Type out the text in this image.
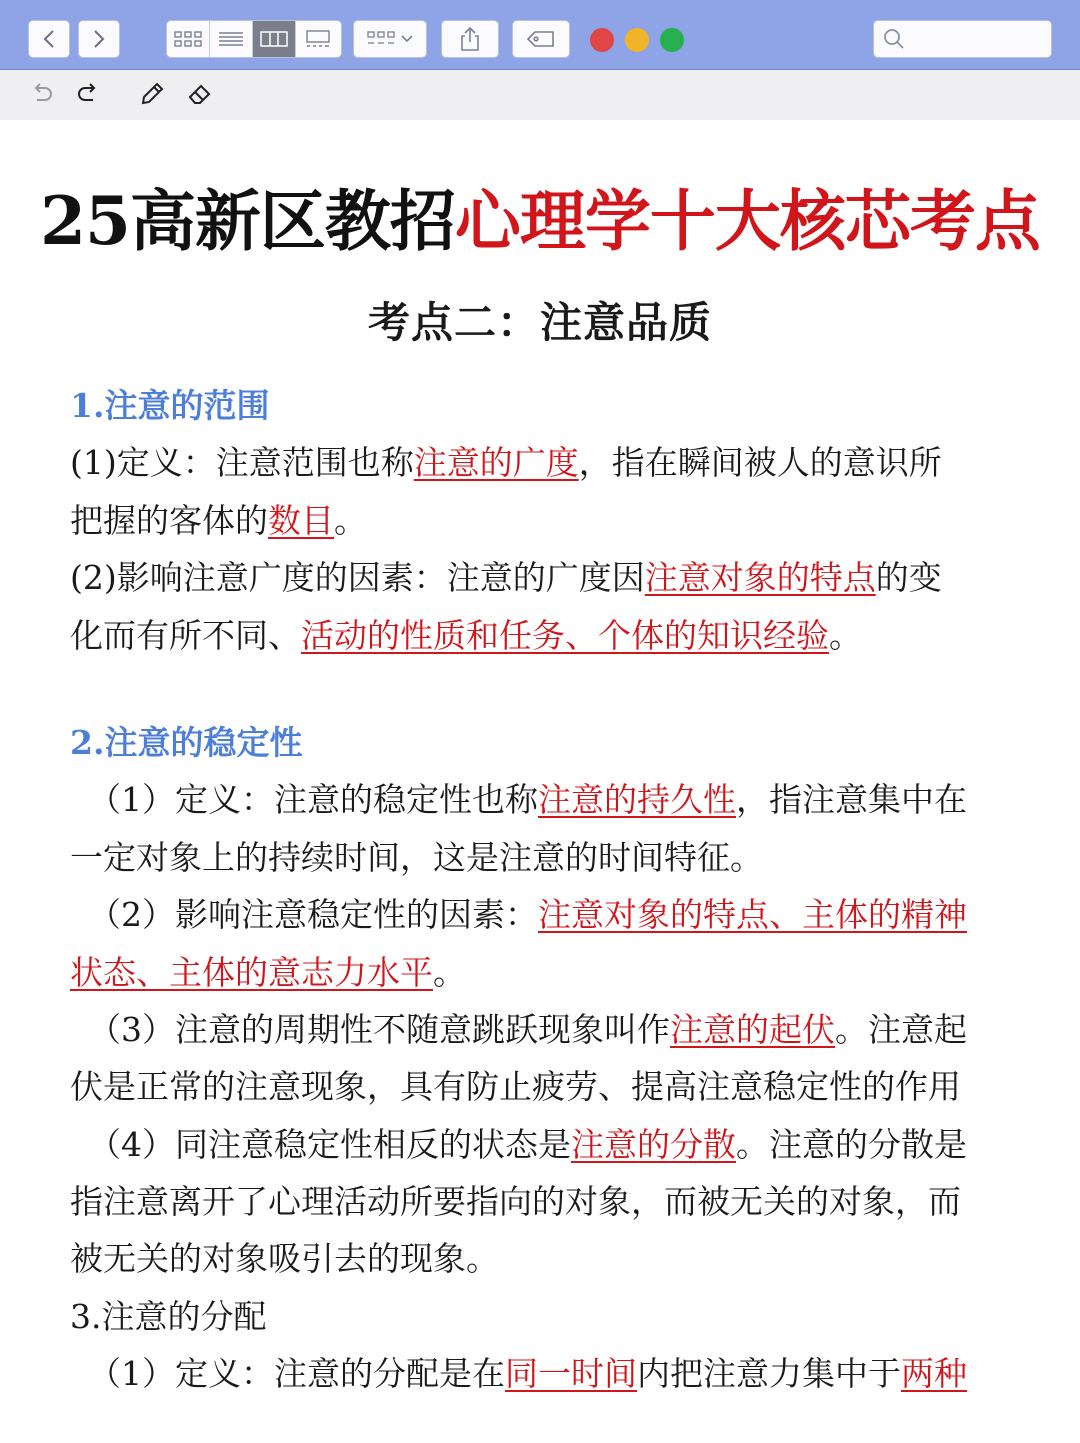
25高新区教招心理学十大核芯考点
考点二：注意品质
1.注意的范围
(1)定义：注意范围也称注意的广度，指在瞬间被人的意识所
把握的客体的数目。
(2)影响注意广度的因素：注意的广度因注意对象的特点的变
化而有所不同、活动的性质和任务、个体的知识经验。
2.注意的稳定性
（1）定义：注意的稳定性也称注意的持久性，指注意集中在
一定对象上的持续时间，这是注意的时间特征。
（2）影响注意稳定性的因素：注意对象的特点、主体的精神
状态、主体的意志力水平。
（3）注意的周期性不随意跳跃现象叫作注意的起伏。注意起
伏是正常的注意现象，具有防止疲劳、提高注意稳定性的作用
（4）同注意稳定性相反的状态是注意的分散。注意的分散是
指注意离开了心理活动所要指向的对象，而被无关的对象，而
被无关的对象吸引去的现象。
3.注意的分配
（1）定义：注意的分配是在同一时间内把注意力集中于两种
